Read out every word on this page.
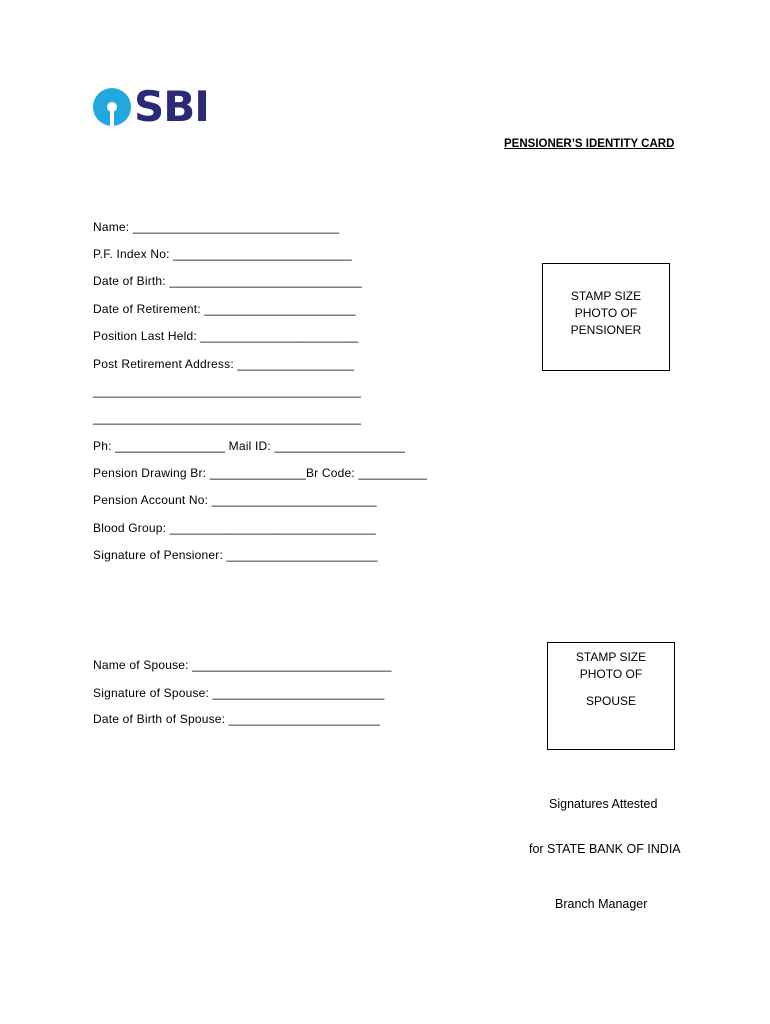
SBI
PENSIONER’S IDENTITY CARD
Name: ______________________________
P.F. Index No: __________________________
Date of Birth: ____________________________
Date of Retirement: ______________________
Position Last Held: _______________________
Post Retirement Address: _________________
_______________________________________
_______________________________________
Ph: ________________ Mail ID: ___________________
Pension Drawing Br: ______________Br Code: __________
Pension Account No: ________________________
Blood Group: ______________________________
Signature of Pensioner: ______________________
STAMP SIZE
PHOTO OF
PENSIONER
Name of Spouse: _____________________________
Signature of Spouse: _________________________
Date of Birth of Spouse: ______________________
STAMP SIZE
PHOTO OF
SPOUSE
Signatures Attested
for STATE BANK OF INDIA
Branch Manager
